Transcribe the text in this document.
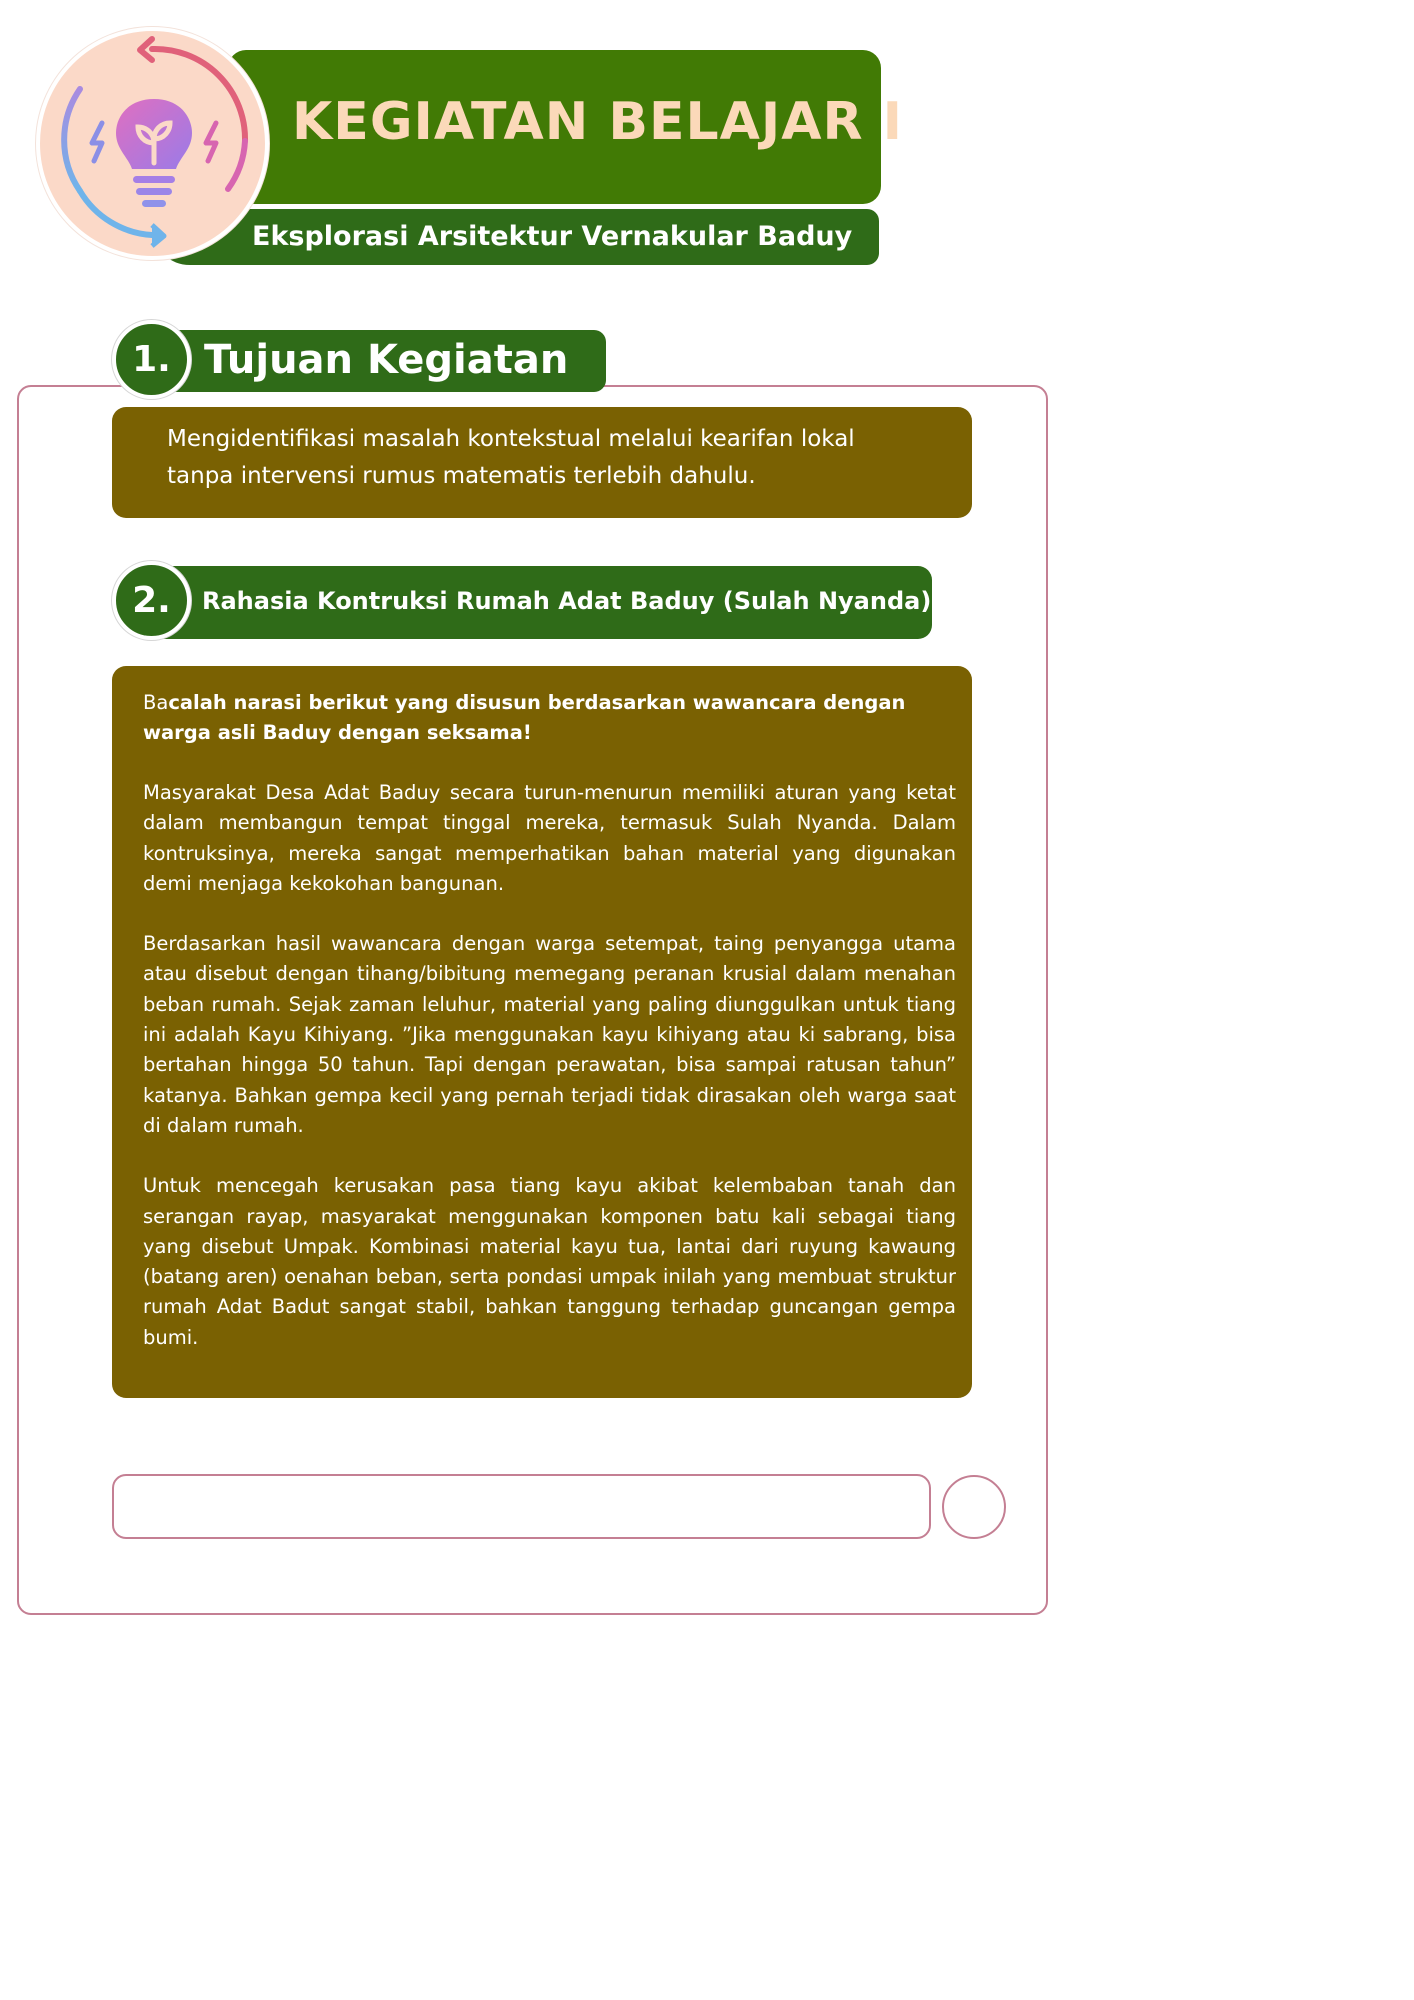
KEGIATAN BELAJAR I
Eksplorasi Arsitektur Vernakular Baduy
Tujuan Kegiatan
1.
Mengidentifikasi masalah kontekstual melalui kearifan lokal tanpa intervensi rumus matematis terlebih dahulu.
Rahasia Kontruksi Rumah Adat Baduy (Sulah Nyanda)
2.

Bacalah narasi berikut yang disusun berdasarkan wawancara dengan warga asli Baduy dengan seksama!

Masyarakat Desa Adat Baduy secara turun-menurun memiliki aturan yang ketat dalam membangun tempat tinggal mereka, termasuk Sulah Nyanda. Dalam kontruksinya, mereka sangat memperhatikan bahan material yang digunakan demi menjaga kekokohan bangunan.

Berdasarkan hasil wawancara dengan warga setempat, taing penyangga utama atau disebut dengan tihang/bibitung memegang peranan krusial dalam menahan beban rumah. Sejak zaman leluhur, material yang paling diunggulkan untuk tiang ini adalah Kayu Kihiyang. ”Jika menggunakan kayu kihiyang atau ki sabrang, bisa bertahan hingga 50 tahun. Tapi dengan perawatan, bisa sampai ratusan tahun” katanya. Bahkan gempa kecil yang pernah terjadi tidak dirasakan oleh warga saat di dalam rumah.

Untuk mencegah kerusakan pasa tiang kayu akibat kelembaban tanah dan serangan rayap, masyarakat menggunakan komponen batu kali sebagai tiang yang disebut Umpak. Kombinasi material kayu tua, lantai dari ruyung kawaung (batang aren) oenahan beban, serta pondasi umpak inilah yang membuat struktur rumah Adat Badut sangat stabil, bahkan tanggung terhadap guncangan gempa bumi.
